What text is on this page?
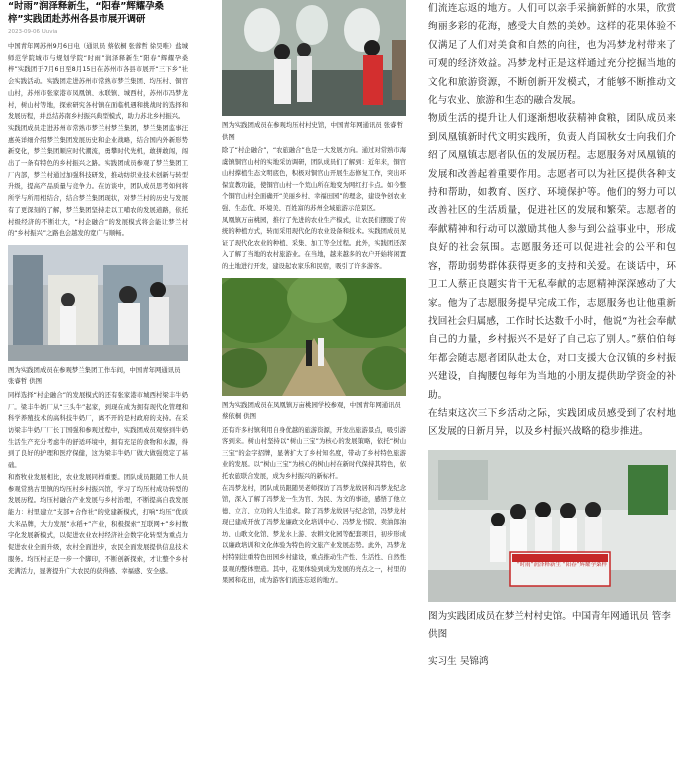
“时雨”润泽释新生，“阳春”辉耀孕桑梓”实践团赴苏州各县市展开调研
2023-09-06 Uuvia

中国青年网苏州9月6日电（通讯员 蔡依桐 张蓉哲 徐昊唯）盐城师范学院城市与规划学院“时雨”润泽释新生“阳春”辉耀孕桑梓”实践团于7月6日至8月15日在苏州市各县市展开“三下乡”社会实践活动。实践团走进苏州市常熟市梦兰集团、均压村、铜官山村，苏州市张家港市凤凰镇、永联镇、城西村，苏州市冯梦龙村，树山村等地，探索研究各村镇在面临机遇和挑战时的选择和发展历程，并总结苏南乡村振兴典型模式，助力苏北乡村振兴。

实践团成员走进苏州市常熟市梦兰村梦兰集团，梦兰集团监事汪惠英详细介绍梦兰集团发展历史和企业战略，结合国内外新形势新变化，梦兰集团顺应时代潮流，勇攀时代先机，敢拼敢闯，闯出了一条有特色的乡村振兴之路。实践团成员参观了梦兰集团工厂内部，梦兰村通过加强科技研发，推动纺织业技术创新与转型升级，提高产品质量与竞争力。在访谈中，团队成员思考如何将所学与所用相结合，结合梦兰集团现状，对梦兰村的历史与发展有了更深刻的了解，梦兰集团坚持走以工哺农的发展道路，依托村级经济的不断壮大，“村企融合”的发展模式将会能让梦兰村的“乡村振兴”之路也会越发的宽广与顺畅。

图为实践团成员在参观梦兰集团工作车间，中国青年网通讯员 张睿哲 供图

同样选择“村企融合”的发展模式的还有张家港市城西村梁丰牛奶厂。梁丰牛奶厂从“三头牛”起家，到现在成为拥有现代化管理和科学养殖技术的高科技牛奶厂，离不开的是村政府的支持。在采访梁丰牛奶厂厂长丁国强和参观过程中，实践团成员观察到牛奶生活生产充分考虑牛的舒适环境中，拥有充足的食物和水源，得到了良好的护理和医疗保健，这为梁丰牛奶厂做大做强奠定了基础。

和畜牧业发展相比，农业发展同样重要。团队成员跟随工作人员参观常熟古里镇的均压村乡村振兴馆，学习了均压村成功转型的发展历程。均压村融合产业发展与乡村治理，不断提高自我发展能力：村里建立“支部+合作社”的党建新模式，打响“均压”优质大米品牌，大力发展“水稻+”产业，积极探索“互联网+”乡村数字化发展新模式，以促进农业农村经济社会数字化转型为重点力促进农业全面升级，农村全面进步，农民全面发展提供信息技术服务。均压村正是一步一个脚印，不断创新探索，才让整个乡村充满活力，显著提升广大农民的获得感、幸福感、安全感。

图为实践团成员在参观均压村村史馆，中国青年网通讯员 张睿哲 供图

除了“村企融合”，“农旅融合”也是一大发展方向。通过对常熟市海虞镇铜官山村的实地采访调研，团队成员们了解到：近年来，铜官山村撑植生态文明底色，积极对铜官山开展生态修复工作，突出环保宣教功能，使铜官山村一个荒山所在地变为网红打卡点。如今整个铜官山村全面确开“美丽乡村、幸福田园”的理念，建设争创农业强、生态优、环境美、百姓富的苏州全域旅游示范景区。

凤凰镇万亩桃园，推行了先进的农业生产模式，让农民们摆脱了传统的种植方式，转而采用现代化的农业设备和技术。实践团成员见证了现代化农业的种植、采集、加工等全过程。此外，实践团还深入了解了当地的农村旅游业。在当地，越来越多的农户开始将闲置的土地进行开发，建设起农家乐和民宿，吸引了许多游客。

图为实践团成员在凤凰镇万亩桃园学校参观，中国青年网通讯员 蔡依桐 供图

还有许多村镇利用自身优越的旅游资源，开发出旅游景点，吸引游客到来。树山村坚持以“树山三宝”为核心的发展策略，依托“树山三宝”的金字招牌，显著扩大了乡村知名度，带动了乡村特色旅游业的发展。以“树山三宝”为核心的树山村在新时代保持其特色，依托农旅联合发展，成为乡村振兴的新标杆。

在冯梦龙村，团队成员跟随吴老师探访了冯梦龙故居和冯梦龙纪念馆，深入了解了冯梦龙一生为官、为民、为文的事迹，感悟了他立德、立言、立功的人生追求。除了冯梦龙故居与纪念馆，冯梦龙村现已建成开放了冯梦龙廉政文化培训中心、冯梦龙书院、卖油郎油坊、山歌文化馆、梦龙水上游、农耕文化园等配套项目，初步形成以廉政培训和文化体验为特色的文旅产业发展态势。此外，冯梦龙村特别注重特色田园乡村建设，重点推动生产性、生活性、自然性景观的整体塑造。其中，花果体验到成为发展的亮点之一，村里的果园和花田，成为游客们流连忘返的地方。

们流连忘返的地方。人们可以亲手采摘新鲜的水果，欣赏绚丽多彩的花海，感受大自然的美妙。这样的花果体验不仅满足了人们对美食和自然的向往，也为冯梦龙村带来了可观的经济效益。冯梦龙村正是这样通过充分挖掘当地的文化和旅游资源，不断创新开发模式，才能够不断推动文化与农业、旅游和生态的融合发展。

物质生活的提升让人们逐渐想收获精神食粮，团队成员来到凤凰镇新时代文明实践所，负责人肖国秋女士向我们介绍了凤凰镇志愿者队伍的发展历程。志愿服务对凤凰镇的发展和改善起着重要作用。志愿者可以为社区提供各种支持和帮助，如教育、医疗、环境保护等。他们的努力可以改善社区的生活质量，促进社区的发展和繁荣。志愿者的奉献精神和行动可以激励其他人参与到公益事业中，形成良好的社会氛围。志愿服务还可以促进社会的公平和包容，帮助弱势群体获得更多的支持和关爱。在谈话中，环卫工人蔡正良题实肯干无私奉献的志愿精神深深感动了大家。他为了志愿服务提早完成工作，志愿服务也让他重新找回社会归属感，工作时长达数千小时，他说“为社会奉献自己的力量，乡村振兴不是好了自己忘了别人。”蔡伯伯每年都会随志愿者团队赴太仓，对口支援大仓汉镇的乡村振兴建设，自掏腰包每年为当地的小朋友提供助学资金的补助。

在结束这次三下乡活动之际，实践团成员感受到了农村地区发展的日新月异，以及乡村振兴战略的稳步推进。

“时雨”润泽释新生 “阳春”辉耀孕桑梓
图为实践团成员在梦兰村村史馆。中国青年网通讯员 管李 供图
实习生 吴锦鸿
